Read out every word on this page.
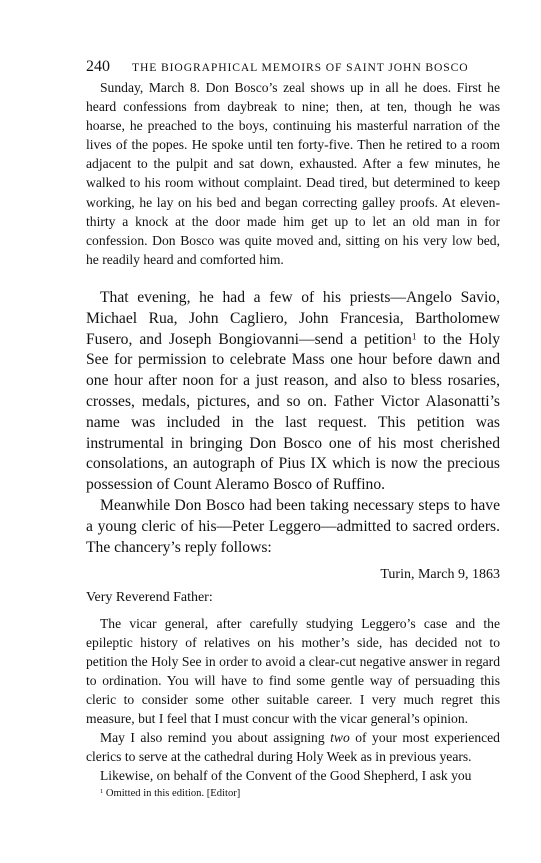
240	THE BIOGRAPHICAL MEMOIRS OF SAINT JOHN BOSCO

Sunday, March 8. Don Bosco’s zeal shows up in all he does. First he heard confessions from daybreak to nine; then, at ten, though he was hoarse, he preached to the boys, continuing his masterful narration of the lives of the popes. He spoke until ten forty-five. Then he retired to a room adjacent to the pulpit and sat down, exhausted. After a few minutes, he walked to his room without complaint. Dead tired, but determined to keep working, he lay on his bed and began correcting galley proofs. At eleven-thirty a knock at the door made him get up to let an old man in for confession. Don Bosco was quite moved and, sitting on his very low bed, he readily heard and comforted him.

That evening, he had a few of his priests—Angelo Savio, Michael Rua, John Cagliero, John Francesia, Bartholomew Fusero, and Joseph Bongiovanni—send a petition$^1$ to the Holy See for permission to celebrate Mass one hour before dawn and one hour after noon for a just reason, and also to bless rosaries, crosses, medals, pictures, and so on. Father Victor Alasonatti’s name was included in the last request. This petition was instrumental in bringing Don Bosco one of his most cherished consolations, an autograph of Pius IX which is now the precious possession of Count Aleramo Bosco of Ruffino.

Meanwhile Don Bosco had been taking necessary steps to have a young cleric of his—Peter Leggero—admitted to sacred orders. The chancery’s reply follows:

Turin, March 9, 1863
Very Reverend Father:

The vicar general, after carefully studying Leggero’s case and the epileptic history of relatives on his mother’s side, has decided not to petition the Holy See in order to avoid a clear-cut negative answer in regard to ordination. You will have to find some gentle way of persuading this cleric to consider some other suitable career. I very much regret this measure, but I feel that I must concur with the vicar general’s opinion.

May I also remind you about assigning two of your most experienced clerics to serve at the cathedral during Holy Week as in previous years.

Likewise, on behalf of the Convent of the Good Shepherd, I ask you

$^1$ Omitted in this edition. [Editor]
